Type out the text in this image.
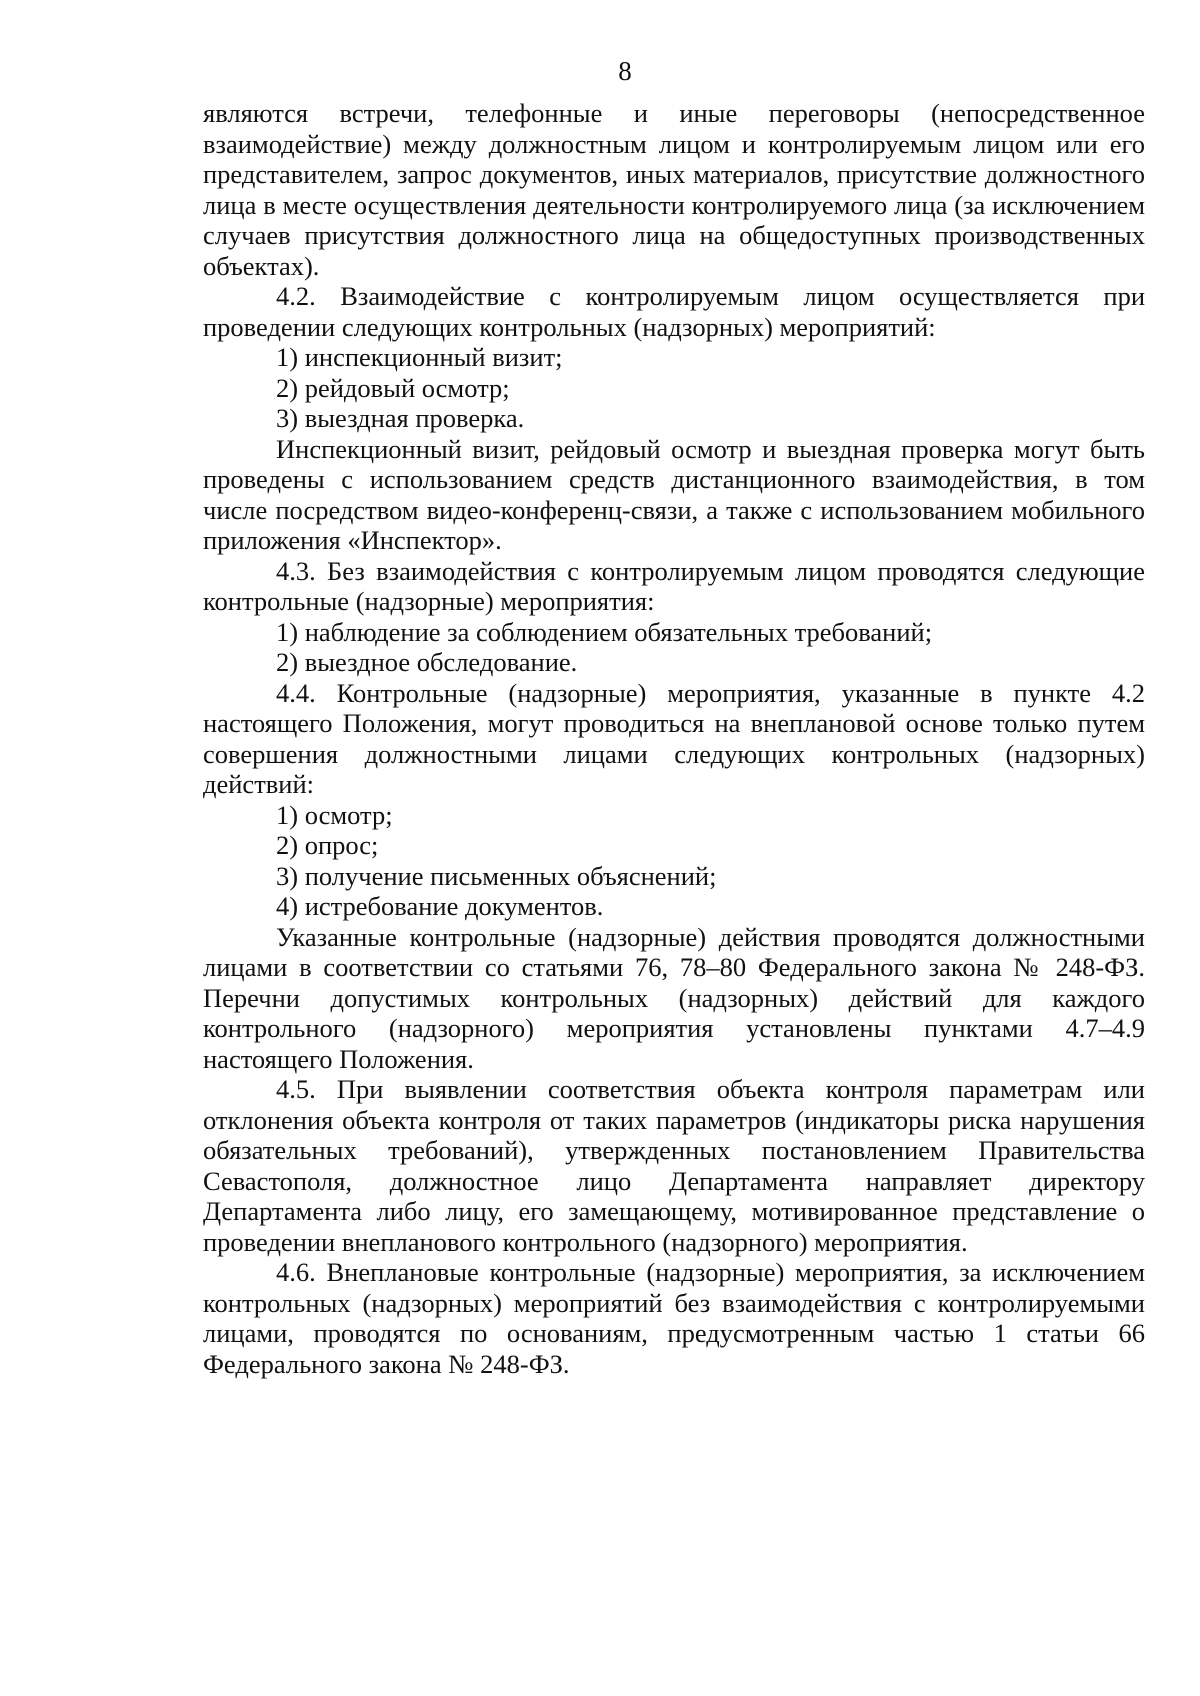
8

являются встречи, телефонные и иные переговоры (непосредственное взаимодействие) между должностным лицом и контролируемым лицом или его представителем, запрос документов, иных материалов, присутствие должностного лица в месте осуществления деятельности контролируемого лица (за исключением случаев присутствия должностного лица на общедоступных производственных объектах).

4.2. Взаимодействие с контролируемым лицом осуществляется при проведении следующих контрольных (надзорных) мероприятий:

1) инспекционный визит;

2) рейдовый осмотр;

3) выездная проверка.

Инспекционный визит, рейдовый осмотр и выездная проверка могут быть проведены с использованием средств дистанционного взаимодействия, в том числе посредством видео-конференц-связи, а также с использованием мобильного приложения «Инспектор».

4.3. Без взаимодействия с контролируемым лицом проводятся следующие контрольные (надзорные) мероприятия:

1) наблюдение за соблюдением обязательных требований;

2) выездное обследование.

4.4. Контрольные (надзорные) мероприятия, указанные в пункте 4.2 настоящего Положения, могут проводиться на внеплановой основе только путем совершения должностными лицами следующих контрольных (надзорных) действий:

1) осмотр;

2) опрос;

3) получение письменных объяснений;

4) истребование документов.

Указанные контрольные (надзорные) действия проводятся должностными лицами в соответствии со статьями 76, 78–80 Федерального закона № 248-ФЗ. Перечни допустимых контрольных (надзорных) действий для каждого контрольного (надзорного) мероприятия установлены пунктами 4.7–4.9 настоящего Положения.

4.5. При выявлении соответствия объекта контроля параметрам или отклонения объекта контроля от таких параметров (индикаторы риска нарушения обязательных требований), утвержденных постановлением Правительства Севастополя, должностное лицо Департамента направляет директору Департамента либо лицу, его замещающему, мотивированное представление о проведении внепланового контрольного (надзорного) мероприятия.

4.6. Внеплановые контрольные (надзорные) мероприятия, за исключением контрольных (надзорных) мероприятий без взаимодействия с контролируемыми лицами, проводятся по основаниям, предусмотренным частью 1 статьи 66 Федерального закона № 248-ФЗ.
